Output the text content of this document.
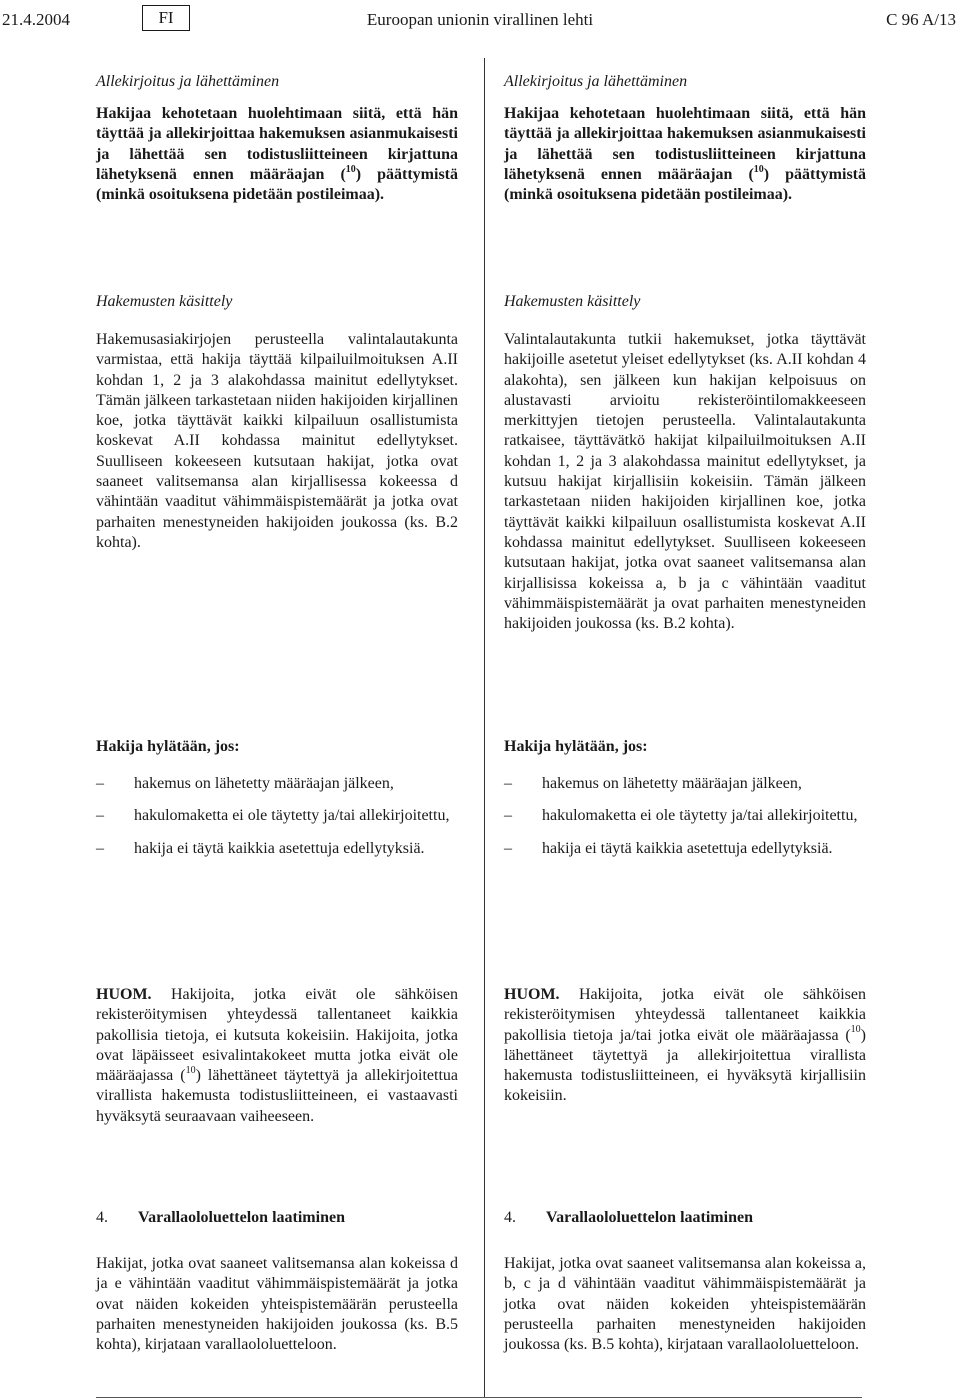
Euroopan unionin virallinen lehti
21.4.2004	FI	C 96 A/13
Allekirjoitus ja lähettäminen

Hakijaa kehotetaan huolehtimaan siitä, että hän täyttää ja allekirjoittaa hakemuksen asianmukaisesti ja lähettää sen todistusliitteineen kirjattuna lähetyksenä ennen määräajan ($^{10}$) päättymistä (minkä osoituksena pidetään postileimaa).

Hakemusten käsittely

Hakemusasiakirjojen perusteella valintalautakunta varmistaa, että hakija täyttää kilpailuilmoituksen A.II kohdan 1, 2 ja 3 alakohdassa mainitut edellytykset. Tämän jälkeen tarkastetaan niiden hakijoiden kirjallinen koe, jotka täyttävät kaikki kilpailuun osallistumista koskevat A.II kohdassa mainitut edellytykset. Suulliseen kokeeseen kutsutaan hakijat, jotka ovat saaneet valitsemansa alan kirjallisessa kokeessa d vähintään vaaditut vähimmäispistemäärät ja jotka ovat parhaiten menestyneiden hakijoiden joukossa (ks. B.2 kohta).

Hakija hylätään, jos:
– hakemus on lähetetty määräajan jälkeen,
– hakulomaketta ei ole täytetty ja/tai allekirjoitettu,
– hakija ei täytä kaikkia asetettuja edellytyksiä.

HUOM. Hakijoita, jotka eivät ole sähköisen rekisteröitymisen yhteydessä tallentaneet kaikkia pakollisia tietoja, ei kutsuta kokeisiin. Hakijoita, jotka ovat läpäisseet esivalintakokeet mutta jotka eivät ole määräajassa ($^{10}$) lähettäneet täytettyä ja allekirjoitettua virallista hakemusta todistusliitteineen, ei vastaavasti hyväksytä seuraavaan vaiheeseen.

4. Varallaololuettelon laatiminen

Hakijat, jotka ovat saaneet valitsemansa alan kokeissa d ja e vähintään vaaditut vähimmäispistemäärät ja jotka ovat näiden kokeiden yhteispistemäärän perusteella parhaiten menestyneiden hakijoiden joukossa (ks. B.5 kohta), kirjataan varallaololuetteloon.

Allekirjoitus ja lähettäminen

Hakijaa kehotetaan huolehtimaan siitä, että hän täyttää ja allekirjoittaa hakemuksen asianmukaisesti ja lähettää sen todistusliitteineen kirjattuna lähetyksenä ennen määräajan ($^{10}$) päättymistä (minkä osoituksena pidetään postileimaa).

Hakemusten käsittely

Valintalautakunta tutkii hakemukset, jotka täyttävät hakijoille asetetut yleiset edellytykset (ks. A.II kohdan 4 alakohta), sen jälkeen kun hakijan kelpoisuus on alustavasti arvioitu rekisteröintilomakkeeseen merkittyjen tietojen perusteella. Valintalautakunta ratkaisee, täyttävätkö hakijat kilpailuilmoituksen A.II kohdan 1, 2 ja 3 alakohdassa mainitut edellytykset, ja kutsuu hakijat kirjallisiin kokeisiin. Tämän jälkeen tarkastetaan niiden hakijoiden kirjallinen koe, jotka täyttävät kaikki kilpailuun osallistumista koskevat A.II kohdassa mainitut edellytykset. Suulliseen kokeeseen kutsutaan hakijat, jotka ovat saaneet valitsemansa alan kirjallisissa kokeissa a, b ja c vähintään vaaditut vähimmäispistemäärät ja ovat parhaiten menestyneiden hakijoiden joukossa (ks. B.2 kohta).

Hakija hylätään, jos:
– hakemus on lähetetty määräajan jälkeen,
– hakulomaketta ei ole täytetty ja/tai allekirjoitettu,
– hakija ei täytä kaikkia asetettuja edellytyksiä.

HUOM. Hakijoita, jotka eivät ole sähköisen rekisteröitymisen yhteydessä tallentaneet kaikkia pakollisia tietoja ja/tai jotka eivät ole määräajassa ($^{10}$) lähettäneet täytettyä ja allekirjoitettua virallista hakemusta todistusliitteineen, ei hyväksytä kirjallisiin kokeisiin.

4. Varallaololuettelon laatiminen

Hakijat, jotka ovat saaneet valitsemansa alan kokeissa a, b, c ja d vähintään vaaditut vähimmäispistemäärät ja jotka ovat näiden kokeiden yhteispistemäärän perusteella parhaiten menestyneiden hakijoiden joukossa (ks. B.5 kohta), kirjataan varallaololuetteloon.
